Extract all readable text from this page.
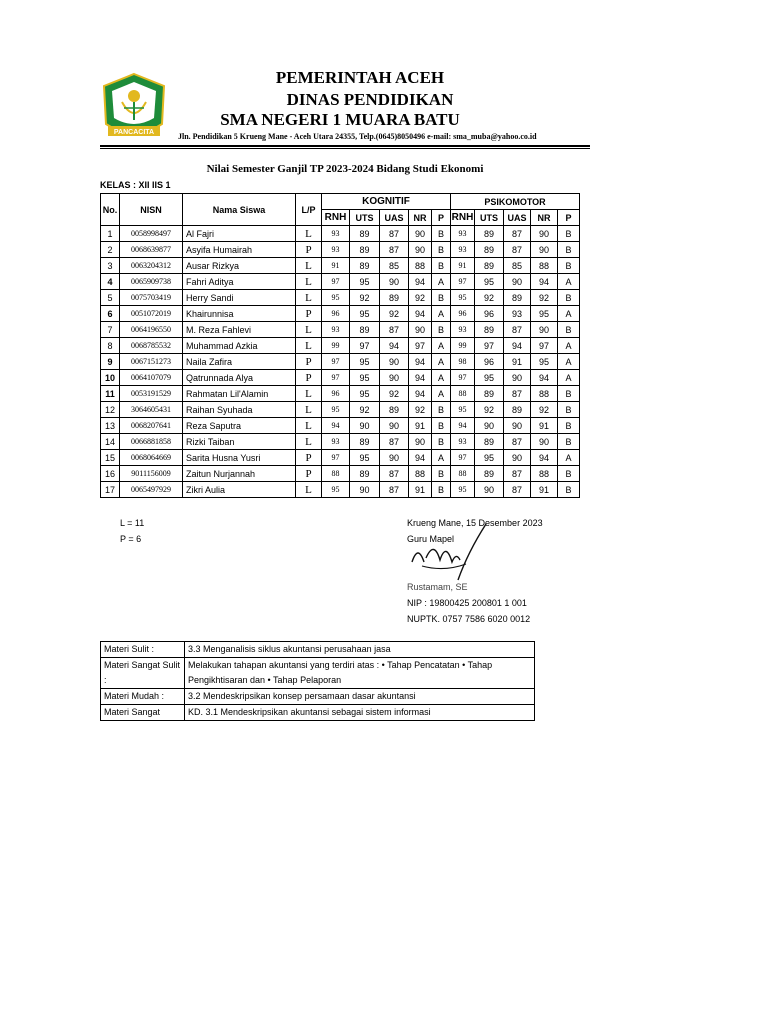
PANCACITA
PEMERINTAH ACEH
DINAS PENDIDIKAN
SMA NEGERI 1 MUARA BATU
Jln. Pendidikan 5 Krueng Mane - Aceh Utara 24355, Telp.(0645)8050496 e-mail: sma_muba@yahoo.co.id
Nilai Semester Ganjil TP 2023-2024 Bidang Studi Ekonomi
KELAS : XII IIS 1
No.	NISN	Nama Siswa	L/P	KOGNITIF					PSIKOMOTOR				
				RNH	UTS	UAS	NR	P	RNH	UTS	UAS	NR	P
1	0058998497	Al Fajri	L	93	89	87	90	B	93	89	87	90	B
2	0068639877	Asyifa Humairah	P	93	89	87	90	B	93	89	87	90	B
3	0063204312	Ausar Rizkya	L	91	89	85	88	B	91	89	85	88	B
4	0065909738	Fahri Aditya	L	97	95	90	94	A	97	95	90	94	A
5	0075703419	Herry Sandi	L	95	92	89	92	B	95	92	89	92	B
6	0051072019	Khairunnisa	P	96	95	92	94	A	96	96	93	95	A
7	0064196550	M. Reza Fahlevi	L	93	89	87	90	B	93	89	87	90	B
8	0068785532	Muhammad Azkia	L	99	97	94	97	A	99	97	94	97	A
9	0067151273	Naila Zafira	P	97	95	90	94	A	98	96	91	95	A
10	0064107079	Qatrunnada Alya	P	97	95	90	94	A	97	95	90	94	A
11	0053191529	Rahmatan Lil'Alamin	L	96	95	92	94	A	88	89	87	88	B
12	3064605431	Raihan Syuhada	L	95	92	89	92	B	95	92	89	92	B
13	0068207641	Reza Saputra	L	94	90	90	91	B	94	90	90	91	B
14	0066881858	Rizki Taiban	L	93	89	87	90	B	93	89	87	90	B
15	0068064669	Sarita Husna Yusri	P	97	95	90	94	A	97	95	90	94	A
16	9011156009	Zaitun Nurjannah	P	88	89	87	88	B	88	89	87	88	B
17	0065497929	Zikri Aulia	L	95	90	87	91	B	95	90	87	91	B
L = 11
P = 6
Krueng Mane, 15 Desember 2023
Guru Mapel
Rustamam, SE
NIP : 19800425 200801 1 001
NUPTK. 0757 7586 6020 0012
Materi Sulit :	3.3 Menganalisis siklus akuntansi perusahaan jasa
Materi Sangat Sulit :	Melakukan tahapan akuntansi yang terdiri atas : • Tahap Pencatatan • Tahap Pengikhtisaran dan • Tahap Pelaporan
Materi Mudah :	3.2 Mendeskripsikan konsep persamaan dasar akuntansi
Materi Sangat	KD. 3.1 Mendeskripsikan akuntansi sebagai sistem informasi
